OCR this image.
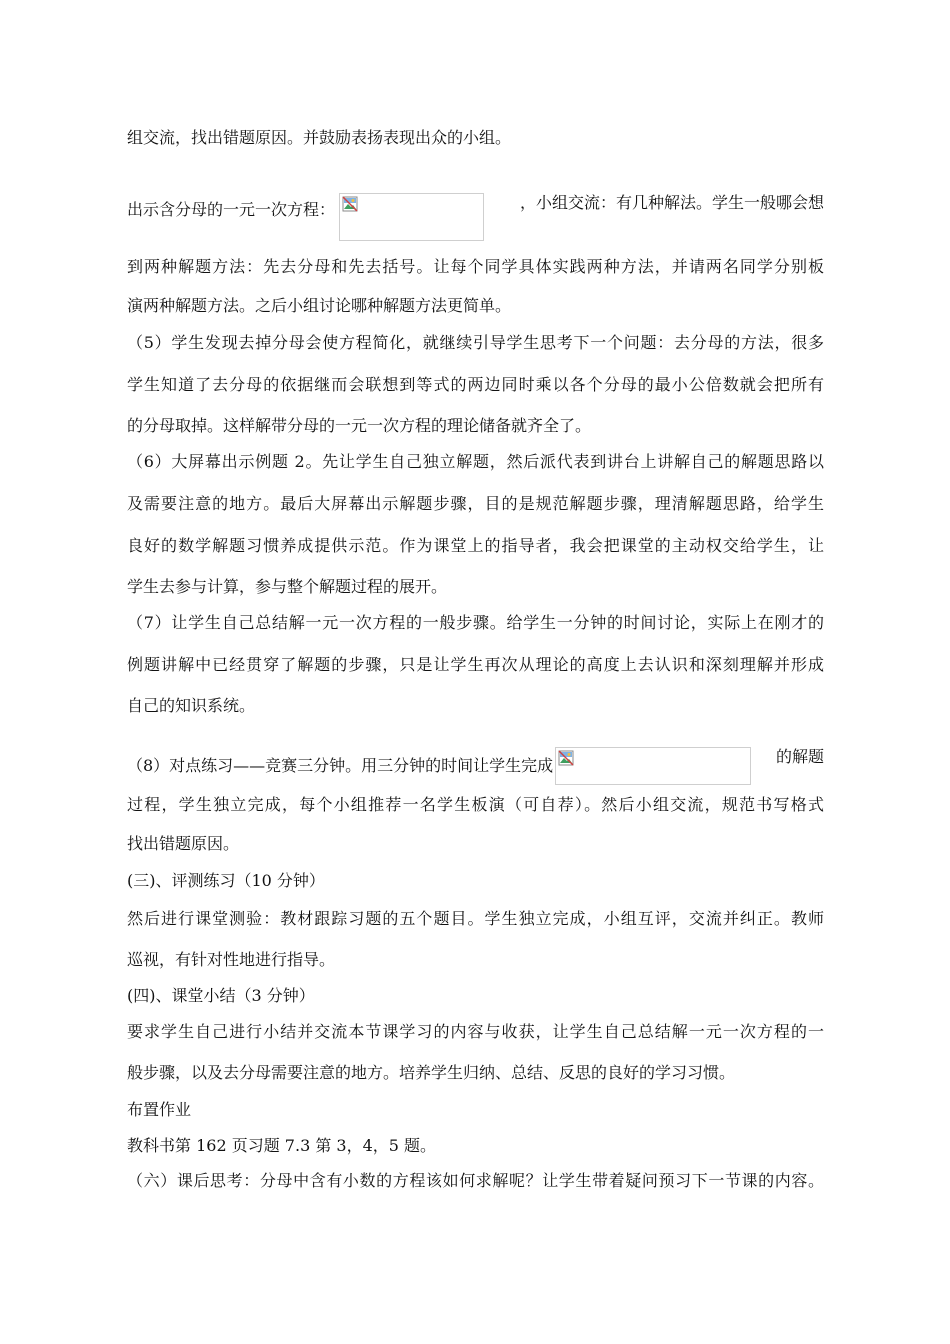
组交流，找出错题原因。并鼓励表扬表现出众的小组。
出示含分母的一元一次方程：	，小组交流：有几种解法。学生一般哪会想
到两种解题方法：先去分母和先去括号。让每个同学具体实践两种方法，并请两名同学分别板
演两种解题方法。之后小组讨论哪种解题方法更简单。
（5）学生发现去掉分母会使方程简化，就继续引导学生思考下一个问题：去分母的方法，很多
学生知道了去分母的依据继而会联想到等式的两边同时乘以各个分母的最小公倍数就会把所有
的分母取掉。这样解带分母的一元一次方程的理论储备就齐全了。
（6）大屏幕出示例题 2。先让学生自己独立解题，然后派代表到讲台上讲解自己的解题思路以
及需要注意的地方。最后大屏幕出示解题步骤，目的是规范解题步骤，理清解题思路，给学生
良好的数学解题习惯养成提供示范。作为课堂上的指导者，我会把课堂的主动权交给学生，让
学生去参与计算，参与整个解题过程的展开。
（7）让学生自己总结解一元一次方程的一般步骤。给学生一分钟的时间讨论，实际上在刚才的
例题讲解中已经贯穿了解题的步骤，只是让学生再次从理论的高度上去认识和深刻理解并形成
自己的知识系统。
（8）对点练习——竞赛三分钟。用三分钟的时间让学生完成	的解题
过程，学生独立完成，每个小组推荐一名学生板演（可自荐）。然后小组交流，规范书写格式
找出错题原因。
(三)、评测练习（10 分钟）
然后进行课堂测验：教材跟踪习题的五个题目。学生独立完成，小组互评，交流并纠正。教师
巡视，有针对性地进行指导。
(四)、课堂小结（3 分钟）
要求学生自己进行小结并交流本节课学习的内容与收获，让学生自己总结解一元一次方程的一
般步骤，以及去分母需要注意的地方。培养学生归纳、总结、反思的良好的学习习惯。
布置作业
教科书第 162 页习题 7.3 第 3，4，5 题。
（六）课后思考：分母中含有小数的方程该如何求解呢？让学生带着疑问预习下一节课的内容。
